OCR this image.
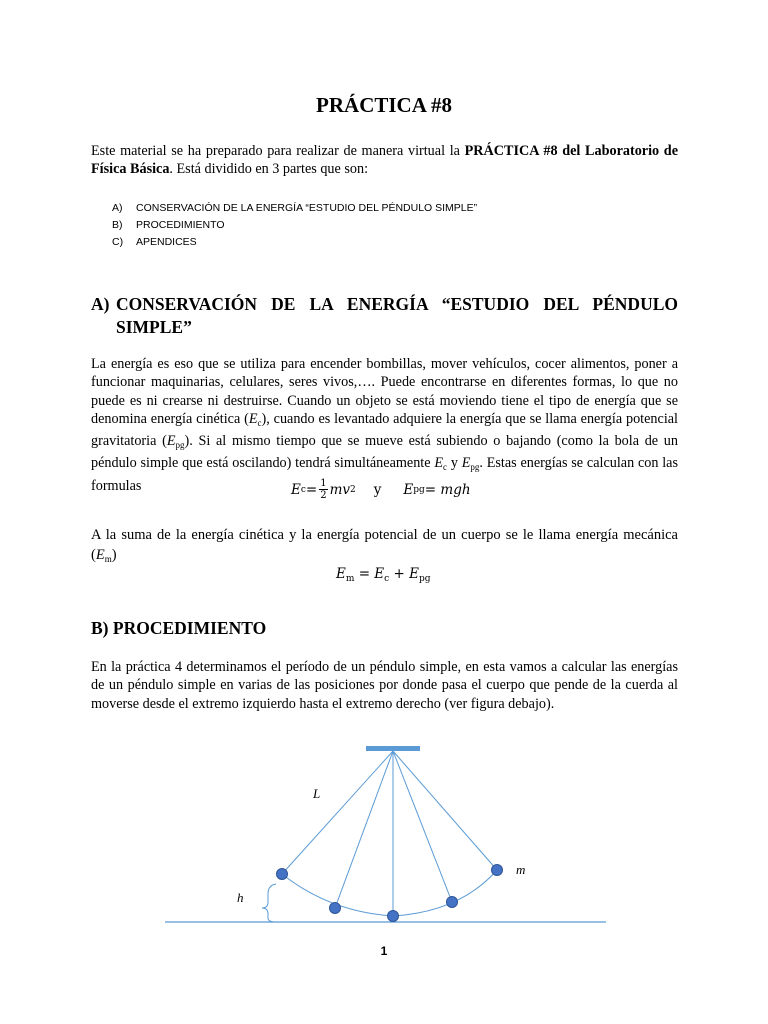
PRÁCTICA #8
Este material se ha preparado para realizar de manera virtual la PRÁCTICA #8 del Laboratorio de Física Básica. Está dividido en 3 partes que son:
A)	CONSERVACIÓN DE LA ENERGÍA “ESTUDIO DEL PÉNDULO SIMPLE”
B)	PROCEDIMIENTO
C)	APENDICES
A) CONSERVACIÓN DE LA ENERGÍA “ESTUDIO DEL PÉNDULO SIMPLE”
La energía es eso que se utiliza para encender bombillas, mover vehículos, cocer alimentos, poner a funcionar maquinarias, celulares, seres vivos,…. Puede encontrarse en diferentes formas, lo que no puede es ni crearse ni destruirse. Cuando un objeto se está moviendo tiene el tipo de energía que se denomina energía cinética $(E_c)$, cuando es levantado adquiere la energía que se llama energía potencial gravitatoria $(E_{pg})$. Si al mismo tiempo que se mueve está subiendo o bajando (como la bola de un péndulo simple que está oscilando) tendrá simultáneamente $E_c$ y $E_{pg}$. Estas energías se calculan con las formulas	E $c = \frac{1}{2}$ mv 2 y E pg = mgh
A la suma de la energía cinética y la energía potencial de un cuerpo se le llama energía mecánica $(E_m)$
$E_m = E_c + E_{pg}$
B) PROCEDIMIENTO
En la práctica 4 determinamos el período de un péndulo simple, en esta vamos a calcular las energías de un péndulo simple en varias de las posiciones por donde pasa el cuerpo que pende de la cuerda al moverse desde el extremo izquierdo hasta el extremo derecho (ver figura debajo).
L
m
h
1
